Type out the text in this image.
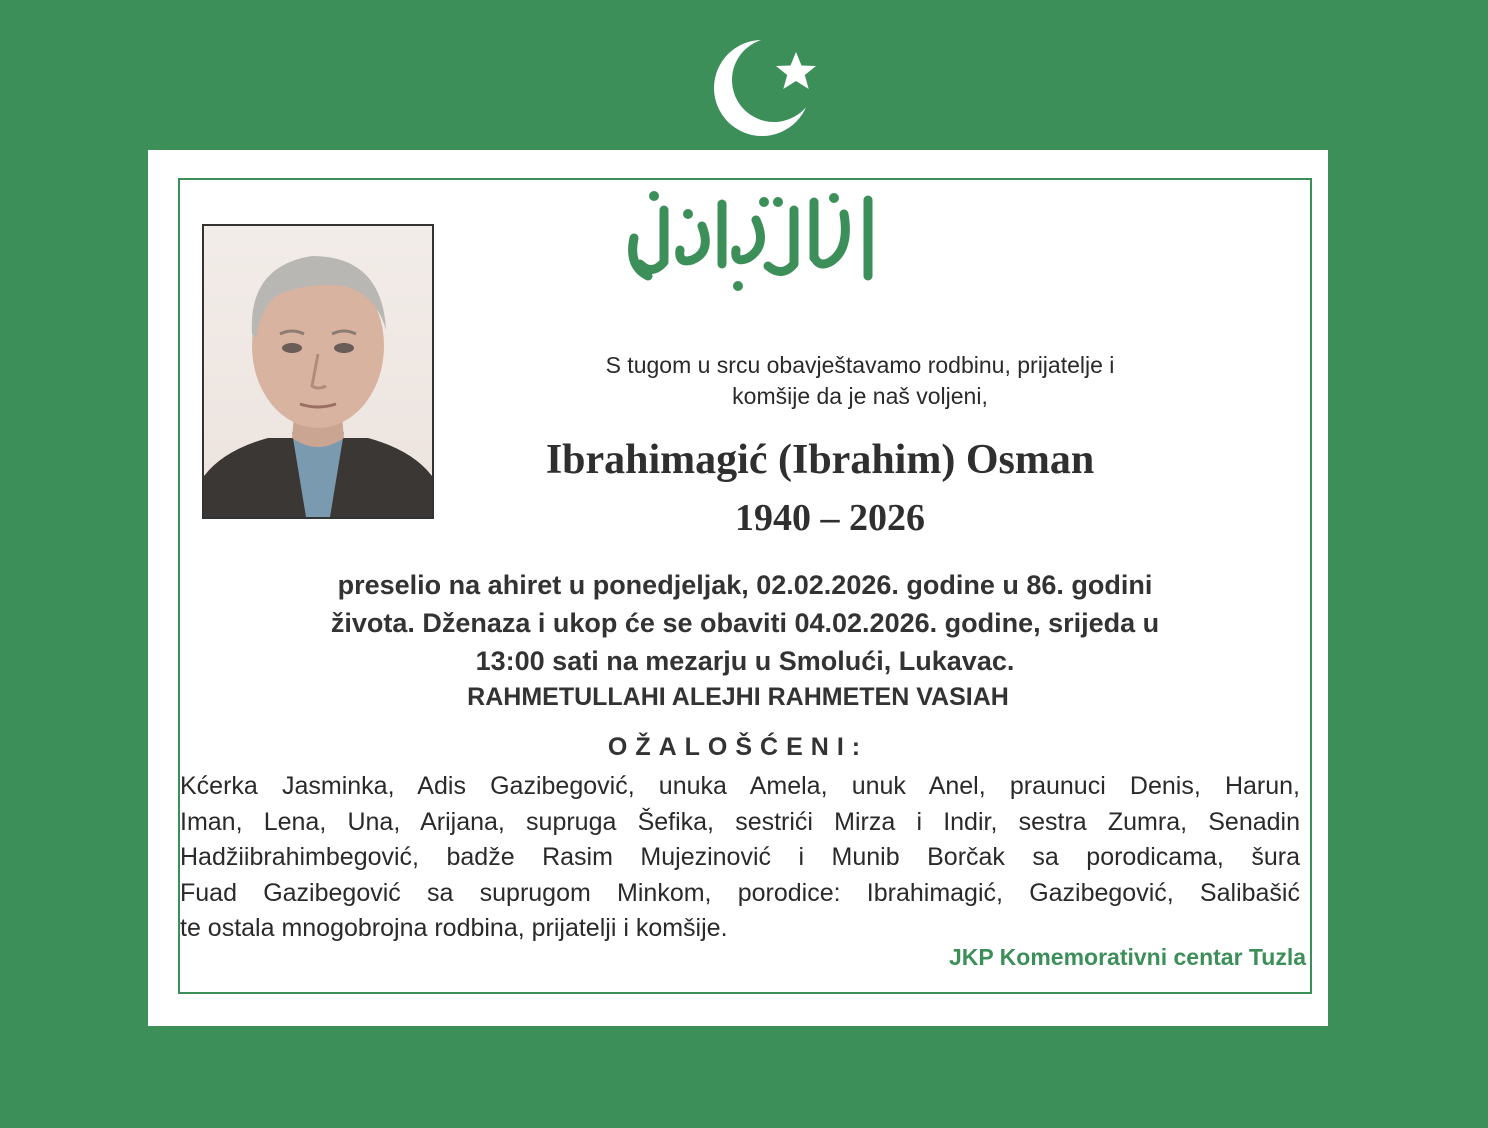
S tugom u srcu obavještavamo rodbinu, prijatelje i
komšije da je naš voljeni,
Ibrahimagić (Ibrahim) Osman
1940 – 2026
preselio na ahiret u ponedjeljak, 02.02.2026. godine u 86. godini
života. Dženaza i ukop će se obaviti 04.02.2026. godine, srijeda u
13:00 sati na mezarju u Smolući, Lukavac.
RAHMETULLAHI ALEJHI RAHMETEN VASIAH
OŽALOŠĆENI:
Kćerka Jasminka, Adis Gazibegović, unuka Amela, unuk Anel, praunuci Denis, Harun,
Iman, Lena, Una, Arijana, supruga Šefika, sestrići Mirza i Indir, sestra Zumra, Senadin
Hadžiibrahimbegović, badže Rasim Mujezinović i Munib Borčak sa porodicama, šura
Fuad Gazibegović sa suprugom Minkom, porodice: Ibrahimagić, Gazibegović, Salibašić
te ostala mnogobrojna rodbina, prijatelji i komšije.
JKP Komemorativni centar Tuzla
